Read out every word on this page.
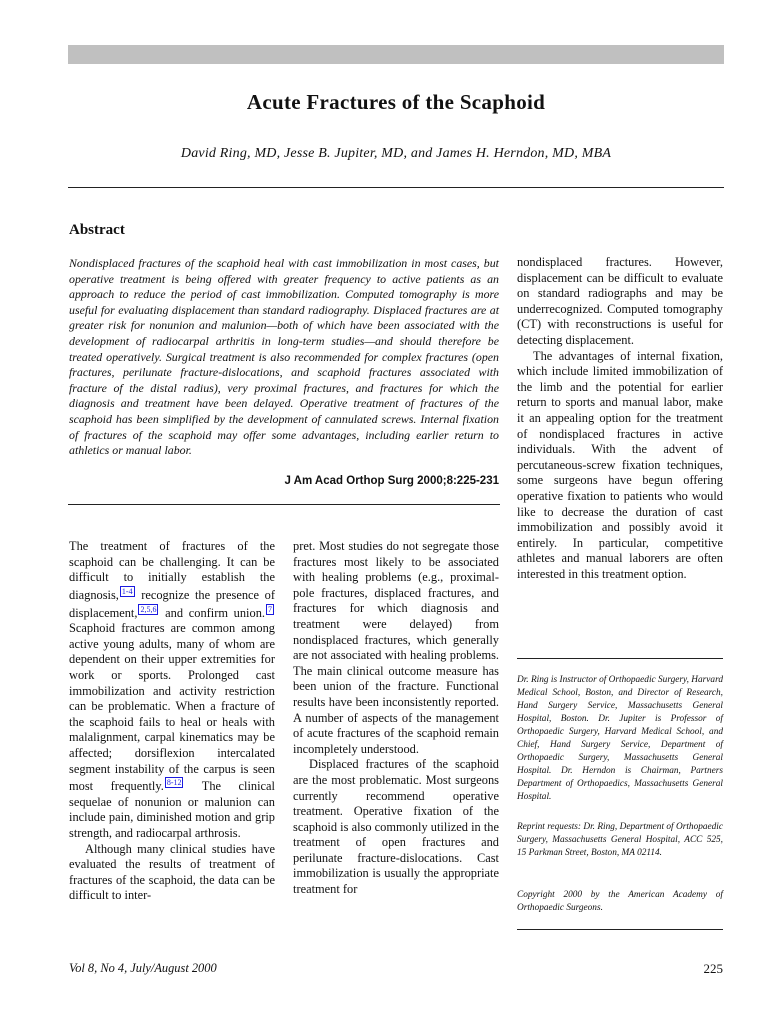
Acute Fractures of the Scaphoid
David Ring, MD, Jesse B. Jupiter, MD, and James H. Herndon, MD, MBA
Abstract
Nondisplaced fractures of the scaphoid heal with cast immobilization in most cases, but operative treatment is being offered with greater frequency to active patients as an approach to reduce the period of cast immobilization. Computed tomography is more useful for evaluating displacement than standard radiography. Displaced fractures are at greater risk for nonunion and malunion—both of which have been associated with the development of radiocarpal arthritis in long-term studies—and should therefore be treated operatively. Surgical treatment is also recommended for complex fractures (open fractures, perilunate fracture-dislocations, and scaphoid fractures associated with fracture of the distal radius), very proximal fractures, and fractures for which the diagnosis and treatment have been delayed. Operative treatment of fractures of the scaphoid has been simplified by the development of cannulated screws. Internal fixation of fractures of the scaphoid may offer some advantages, including earlier return to athletics or manual labor.
J Am Acad Orthop Surg 2000;8:225-231

The treatment of fractures of the scaphoid can be challenging. It can be difficult to initially establish the diagnosis, 1-4 recognize the presence of displacement, 2,5,6 and confirm union. 7 Scaphoid fractures are common among active young adults, many of whom are dependent on their upper extremities for work or sports. Prolonged cast immobilization and activity restriction can be problematic. When a fracture of the scaphoid fails to heal or heals with malalignment, carpal kinematics may be affected; dorsiflexion intercalated segment instability of the carpus is seen most frequently. 8-12 The clinical sequelae of nonunion or malunion can include pain, diminished motion and grip strength, and radiocarpal arthrosis.

Although many clinical studies have evaluated the results of treatment of fractures of the scaphoid, the data can be difficult to inter-

pret. Most studies do not segregate those fractures most likely to be associated with healing problems (e.g., proximal-pole fractures, displaced fractures, and fractures for which diagnosis and treatment were delayed) from nondisplaced fractures, which generally are not associated with healing problems. The main clinical outcome measure has been union of the fracture. Functional results have been inconsistently reported. A number of aspects of the management of acute fractures of the scaphoid remain incompletely understood.

Displaced fractures of the scaphoid are the most problematic. Most surgeons currently recommend operative treatment. Operative fixation of the scaphoid is also commonly utilized in the treatment of open fractures and perilunate fracture-dislocations. Cast immobilization is usually the appropriate treatment for

nondisplaced fractures. However, displacement can be difficult to evaluate on standard radiographs and may be underrecognized. Computed tomography (CT) with reconstructions is useful for detecting displacement.

The advantages of internal fixation, which include limited immobilization of the limb and the potential for earlier return to sports and manual labor, make it an appealing option for the treatment of nondisplaced fractures in active individuals. With the advent of percutaneous-screw fixation techniques, some surgeons have begun offering operative fixation to patients who would like to decrease the duration of cast immobilization and possibly avoid it entirely. In particular, competitive athletes and manual laborers are often interested in this treatment option.

Dr. Ring is Instructor of Orthopaedic Surgery, Harvard Medical School, Boston, and Director of Research, Hand Surgery Service, Massachusetts General Hospital, Boston. Dr. Jupiter is Professor of Orthopaedic Surgery, Harvard Medical School, and Chief, Hand Surgery Service, Department of Orthopaedic Surgery, Massachusetts General Hospital. Dr. Herndon is Chairman, Partners Department of Orthopaedics, Massachusetts General Hospital.

Reprint requests: Dr. Ring, Department of Orthopaedic Surgery, Massachusetts General Hospital, ACC 525, 15 Parkman Street, Boston, MA 02114.

Copyright 2000 by the American Academy of Orthopaedic Surgeons.

Vol 8, No 4, July/August 2000	225
